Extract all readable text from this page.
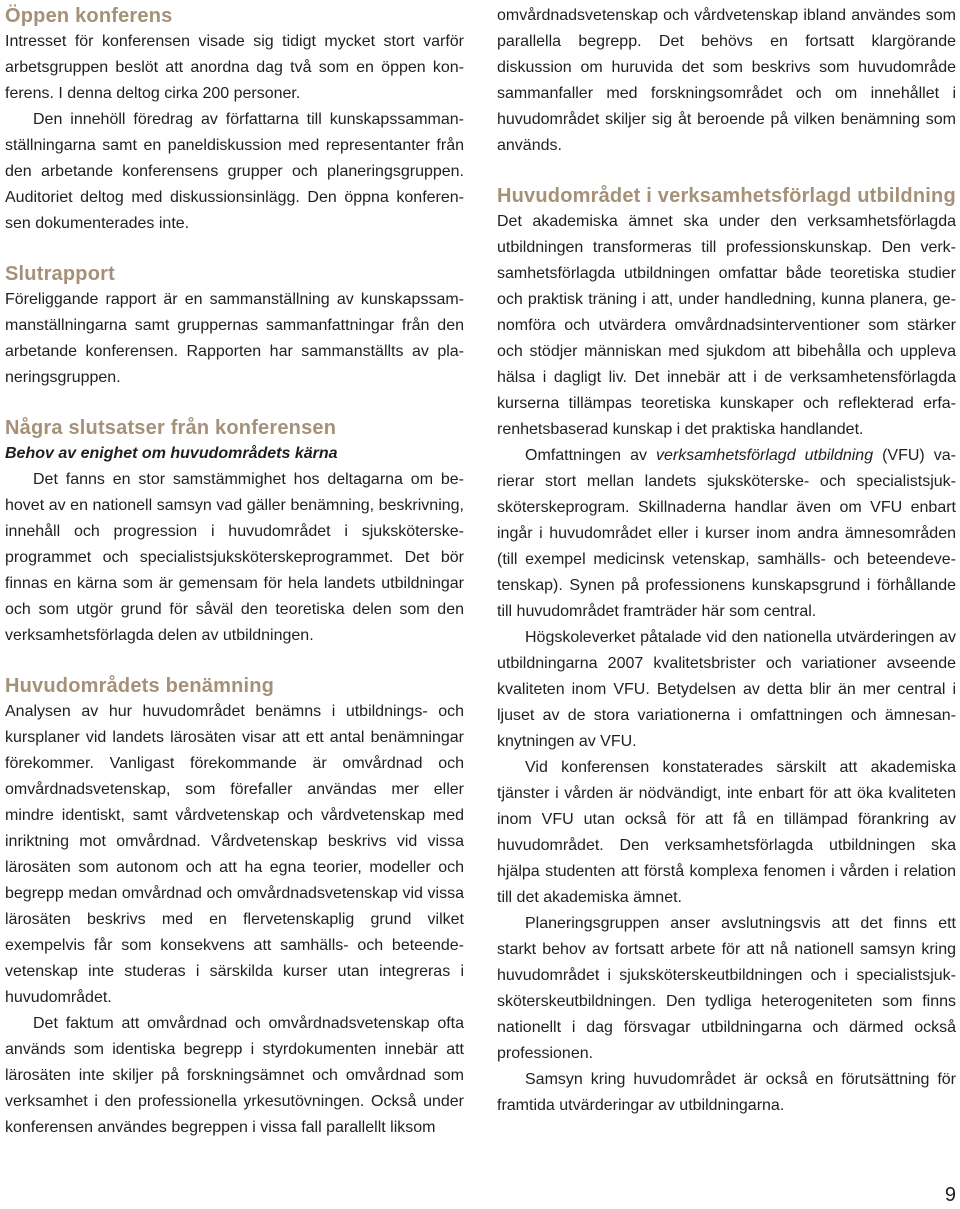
Öppen konferens

Intresset för konferensen visade sig tidigt mycket stort varför arbetsgruppen beslöt att anordna dag två som en öppen konferens. I denna deltog cirka 200 personer.

Den innehöll föredrag av författarna till kunskapssammanställningarna samt en paneldiskussion med representanter från den arbetande konferensens grupper och planeringsgruppen. Auditoriet deltog med diskussionsinlägg. Den öppna konferensen dokumenterades inte.

Slutrapport

Föreliggande rapport är en sammanställning av kunskapssammanställningarna samt gruppernas sammanfattningar från den arbetande konferensen. Rapporten har sammanställts av planeringsgruppen.

Några slutsatser från konferensen
Behov av enighet om huvudområdets kärna

Det fanns en stor samstämmighet hos deltagarna om behovet av en nationell samsyn vad gäller benämning, beskrivning, innehåll och progression i huvudområdet i sjuksköterskeprogrammet och specialistsjuksköterskeprogrammet. Det bör finnas en kärna som är gemensam för hela landets utbildningar och som utgör grund för såväl den teoretiska delen som den verksamhetsförlagda delen av utbildningen.

Huvudområdets benämning

Analysen av hur huvudområdet benämns i utbildnings- och kursplaner vid landets lärosäten visar att ett antal benämningar förekommer. Vanligast förekommande är omvårdnad och omvårdnadsvetenskap, som förefaller användas mer eller mindre identiskt, samt vårdvetenskap och vårdvetenskap med inriktning mot omvårdnad. Vårdvetenskap beskrivs vid vissa lärosäten som autonom och att ha egna teorier, modeller och begrepp medan omvårdnad och omvårdnadsvetenskap vid vissa lärosäten beskrivs med en flervetenskaplig grund vilket exempelvis får som konsekvens att samhälls- och beteendevetenskap inte studeras i särskilda kurser utan integreras i huvudområdet.

Det faktum att omvårdnad och omvårdnadsvetenskap ofta används som identiska begrepp i styrdokumenten innebär att lärosäten inte skiljer på forskningsämnet och omvårdnad som verksamhet i den professionella yrkesutövningen. Också under konferensen användes begreppen i vissa fall parallellt liksom

omvårdnadsvetenskap och vårdvetenskap ibland användes som parallella begrepp. Det behövs en fortsatt klargörande diskussion om huruvida det som beskrivs som huvudområde sammanfaller med forskningsområdet och om innehållet i huvudområdet skiljer sig åt beroende på vilken benämning som används.

Huvudområdet i verksamhetsförlagd utbildning

Det akademiska ämnet ska under den verksamhetsförlagda utbildningen transformeras till professionskunskap. Den verksamhetsförlagda utbildningen omfattar både teoretiska studier och praktisk träning i att, under handledning, kunna planera, genomföra och utvärdera omvårdnadsinterventioner som stärker och stödjer människan med sjukdom att bibehålla och uppleva hälsa i dagligt liv. Det innebär att i de verksamhetensförlagda kurserna tillämpas teoretiska kunskaper och reflekterad erfarenhetsbaserad kunskap i det praktiska handlandet.

Omfattningen av verksamhetsförlagd utbildning (VFU) varierar stort mellan landets sjuksköterske- och specialistsjuksköterskeprogram. Skillnaderna handlar även om VFU enbart ingår i huvudområdet eller i kurser inom andra ämnesområden (till exempel medicinsk vetenskap, samhälls- och beteendevetenskap). Synen på professionens kunskapsgrund i förhållande till huvudområdet framträder här som central.

Högskoleverket påtalade vid den nationella utvärderingen av utbildningarna 2007 kvalitetsbrister och variationer avseende kvaliteten inom VFU. Betydelsen av detta blir än mer central i ljuset av de stora variationerna i omfattningen och ämnesanknytningen av VFU.

Vid konferensen konstaterades särskilt att akademiska tjänster i vården är nödvändigt, inte enbart för att öka kvaliteten inom VFU utan också för att få en tillämpad förankring av huvudområdet. Den verksamhetsförlagda utbildningen ska hjälpa studenten att förstå komplexa fenomen i vården i relation till det akademiska ämnet.

Planeringsgruppen anser avslutningsvis att det finns ett starkt behov av fortsatt arbete för att nå nationell samsyn kring huvudområdet i sjuksköterskeutbildningen och i specialistsjuksköterskeutbildningen. Den tydliga heterogeniteten som finns nationellt i dag försvagar utbildningarna och därmed också professionen.

Samsyn kring huvudområdet är också en förutsättning för framtida utvärderingar av utbildningarna.

9
